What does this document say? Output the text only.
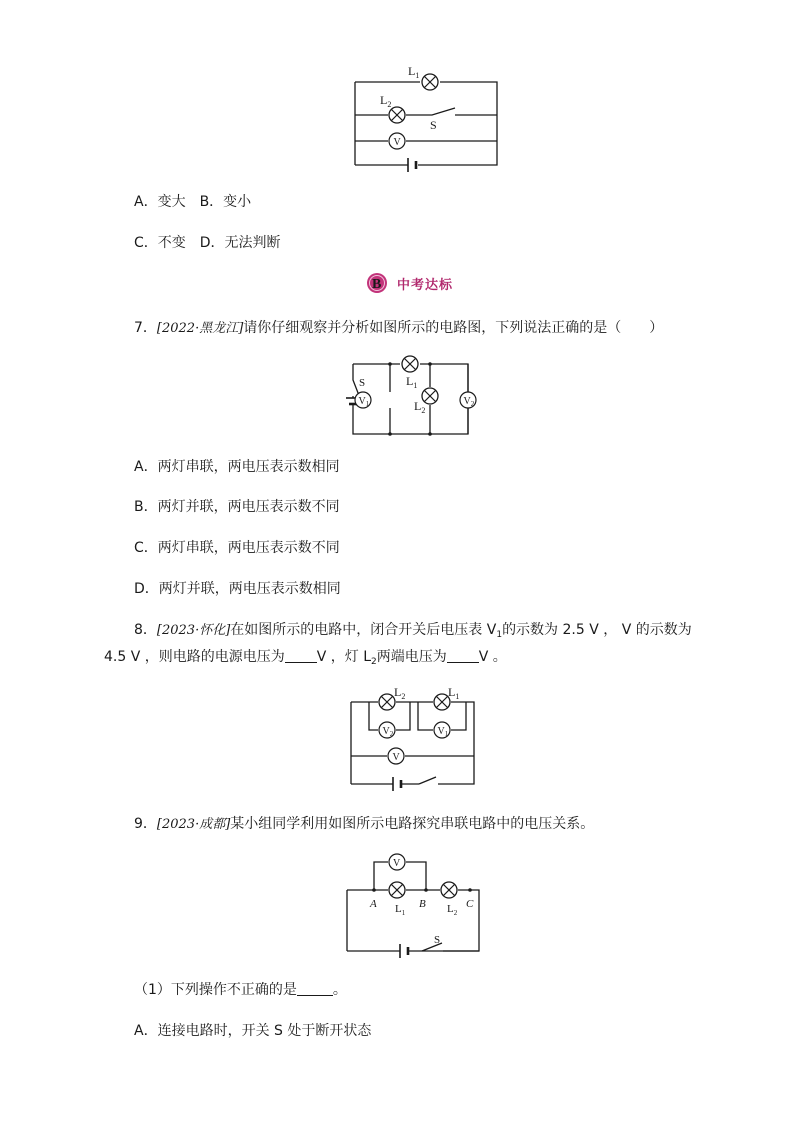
V
$L_1$
$L_2$
S
A．变大　B．变小
C．不变　D．无法判断
B 中考达标
7．[2022·黑龙江]请你仔细观察并分析如图所示的电路图，下列说法正确的是（　　）
S
$V_1$	$V_2$
$L_1$
$L_2$
A．两灯串联，两电压表示数相同
B．两灯并联，两电压表示数不同
C．两灯串联，两电压表示数不同
D．两灯并联，两电压表示数相同
8．[2023·怀化]在如图所示的电路中，闭合开关后电压表 $V_1$的示数为 2.5 V ， V 的示数为
4.5 V ，则电路的电源电压为 V ，灯 $L_2$两端电压为 V 。
$L_2$	$L_1$
$V_2$	$V_1$
V
9．[2023·成都]某小组同学利用如图所示电路探究串联电路中的电压关系。
V
A	B	C
$L_1$	$L_2$
S
（1）下列操作不正确的是	。
A．连接电路时，开关 S 处于断开状态
